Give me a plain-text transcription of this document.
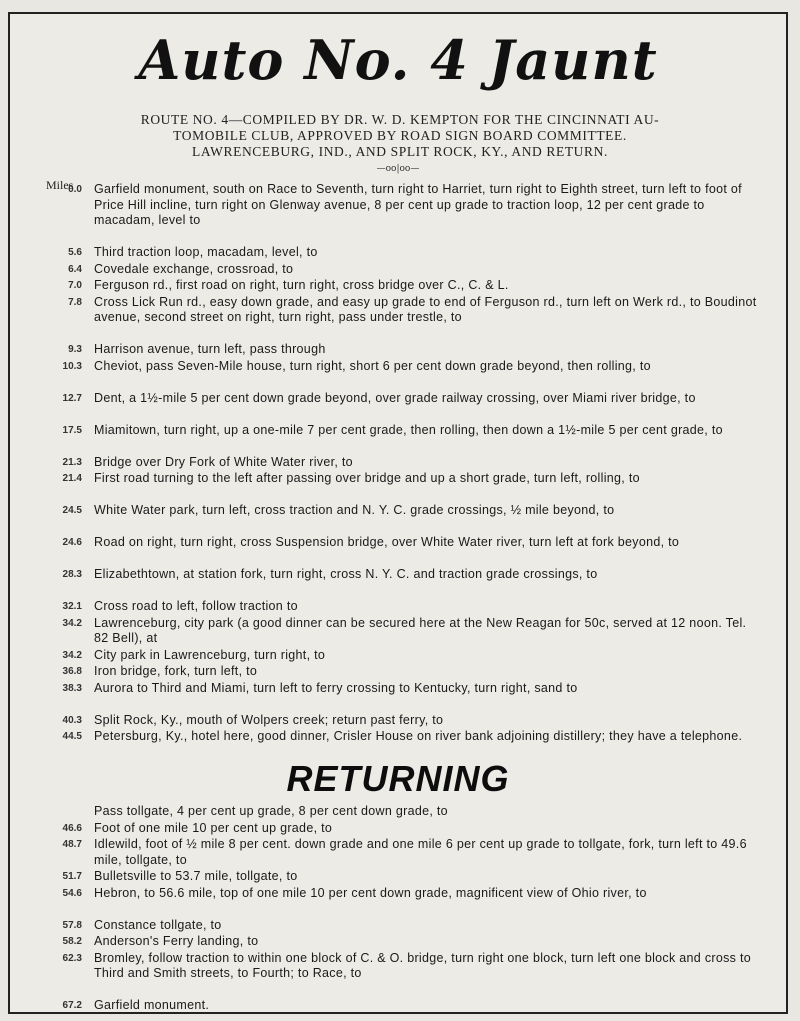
Auto No. 4 Jaunt
ROUTE NO. 4—COMPILED BY DR. W. D. KEMPTON FOR THE CINCINNATI AU-
TOMOBILE CLUB, APPROVED BY ROAD SIGN BOARD COMMITTEE.
LAWRENCEBURG, IND., AND SPLIT ROCK, KY., AND RETURN.
—oo|oo—
Miles
0.0 Garfield monument, south on Race to Seventh, turn right to Harriet, turn right to Eighth street, turn left to foot of Price Hill incline, turn right on Glenway avenue, 8 per cent up grade to traction loop, 12 per cent grade to macadam, level to
5.6 Third traction loop, macadam, level, to
6.4 Covedale exchange, crossroad, to
7.0 Ferguson rd., first road on right, turn right, cross bridge over C., C. & L.
7.8 Cross Lick Run rd., easy down grade, and easy up grade to end of Ferguson rd., turn left on Werk rd., to Boudinot avenue, second street on right, turn right, pass under trestle, to
9.3 Harrison avenue, turn left, pass through
10.3 Cheviot, pass Seven-Mile house, turn right, short 6 per cent down grade beyond, then rolling, to
12.7 Dent, a 1½-mile 5 per cent down grade beyond, over grade railway crossing, over Miami river bridge, to
17.5 Miamitown, turn right, up a one-mile 7 per cent grade, then rolling, then down a 1½-mile 5 per cent grade, to
21.3 Bridge over Dry Fork of White Water river, to
21.4 First road turning to the left after passing over bridge and up a short grade, turn left, rolling, to
24.5 White Water park, turn left, cross traction and N. Y. C. grade crossings, ½ mile beyond, to
24.6 Road on right, turn right, cross Suspension bridge, over White Water river, turn left at fork beyond, to
28.3 Elizabethtown, at station fork, turn right, cross N. Y. C. and traction grade crossings, to
32.1 Cross road to left, follow traction to
34.2 Lawrenceburg, city park (a good dinner can be secured here at the New Reagan for 50c, served at 12 noon. Tel. 82 Bell), at
34.2 City park in Lawrenceburg, turn right, to
36.8 Iron bridge, fork, turn left, to
38.3 Aurora to Third and Miami, turn left to ferry crossing to Kentucky, turn right, sand to
40.3 Split Rock, Ky., mouth of Wolpers creek; return past ferry, to
44.5 Petersburg, Ky., hotel here, good dinner, Crisler House on river bank adjoining distillery; they have a telephone.
RETURNING
Pass tollgate, 4 per cent up grade, 8 per cent down grade, to
46.6 Foot of one mile 10 per cent up grade, to
48.7 Idlewild, foot of ½ mile 8 per cent. down grade and one mile 6 per cent up grade to tollgate, fork, turn left to 49.6 mile, tollgate, to
51.7 Bulletsville to 53.7 mile, tollgate, to
54.6 Hebron, to 56.6 mile, top of one mile 10 per cent down grade, magnificent view of Ohio river, to
57.8 Constance tollgate, to
58.2 Anderson's Ferry landing, to
62.3 Bromley, follow traction to within one block of C. & O. bridge, turn right one block, turn left one block and cross to Third and Smith streets, to Fourth; to Race, to
67.2 Garfield monument.
